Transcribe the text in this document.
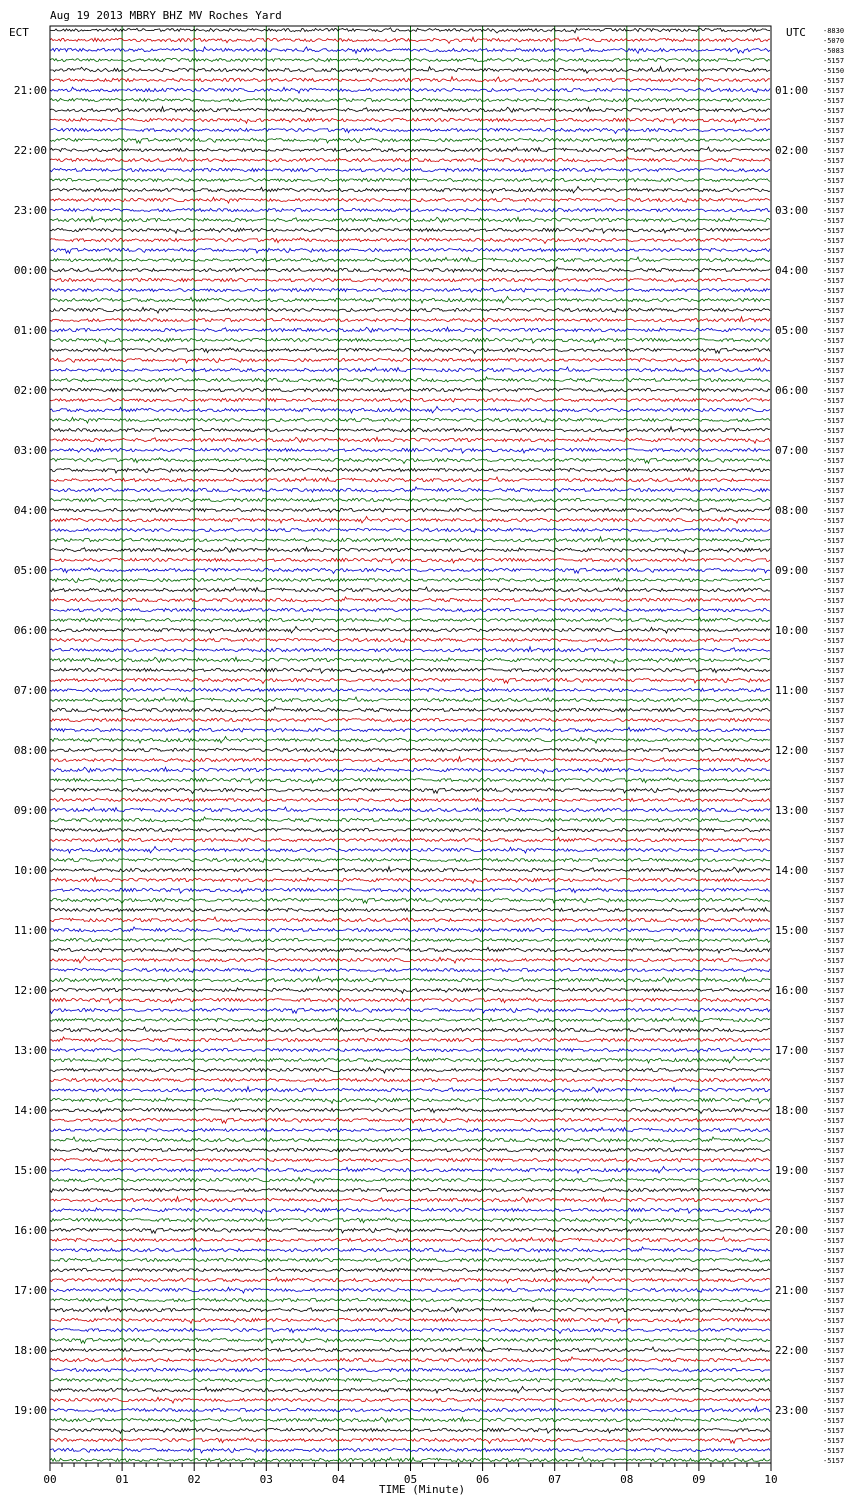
Aug 19 2013 MBRY BHZ MV Roches Yard
ECT	UTC
TIME (Minute)
00	01	02	03	04	05	06	07	08	09	10
21:00
22:00
23:00
00:00
01:00
02:00
03:00
04:00
05:00
06:00
07:00
08:00
09:00
10:00
11:00
12:00
13:00
14:00
15:00
16:00
17:00
18:00
19:00
01:00
02:00
03:00
04:00
05:00
06:00
07:00
08:00
09:00
10:00
11:00
12:00
13:00
14:00
15:00
16:00
17:00
18:00
19:00
20:00
21:00
22:00
23:00
-8830
-5070
-5083
-5157
-5150
-5157
-5157
-5157
-5157
-5157
-5157
-5157
-5157
-5157
-5157
-5157
-5157
-5157
-5157
-5157
-5157
-5157
-5157
-5157
-5157
-5157
-5157
-5157
-5157
-5157
-5157
-5157
-5157
-5157
-5157
-5157
-5157
-5157
-5157
-5157
-5157
-5157
-5157
-5157
-5157
-5157
-5157
-5157
-5157
-5157
-5157
-5157
-5157
-5157
-5157
-5157
-5157
-5157
-5157
-5157
-5157
-5157
-5157
-5157
-5157
-5157
-5157
-5157
-5157
-5157
-5157
-5157
-5157
-5157
-5157
-5157
-5157
-5157
-5157
-5157
-5157
-5157
-5157
-5157
-5157
-5157
-5157
-5157
-5157
-5157
-5157
-5157
-5157
-5157
-5157
-5157
-5157
-5157
-5157
-5157
-5157
-5157
-5157
-5157
-5157
-5157
-5157
-5157
-5157
-5157
-5157
-5157
-5157
-5157
-5157
-5157
-5157
-5157
-5157
-5157
-5157
-5157
-5157
-5157
-5157
-5157
-5157
-5157
-5157
-5157
-5157
-5157
-5157
-5157
-5157
-5157
-5157
-5157
-5157
-5157
-5157
-5157
-5157
-5157
